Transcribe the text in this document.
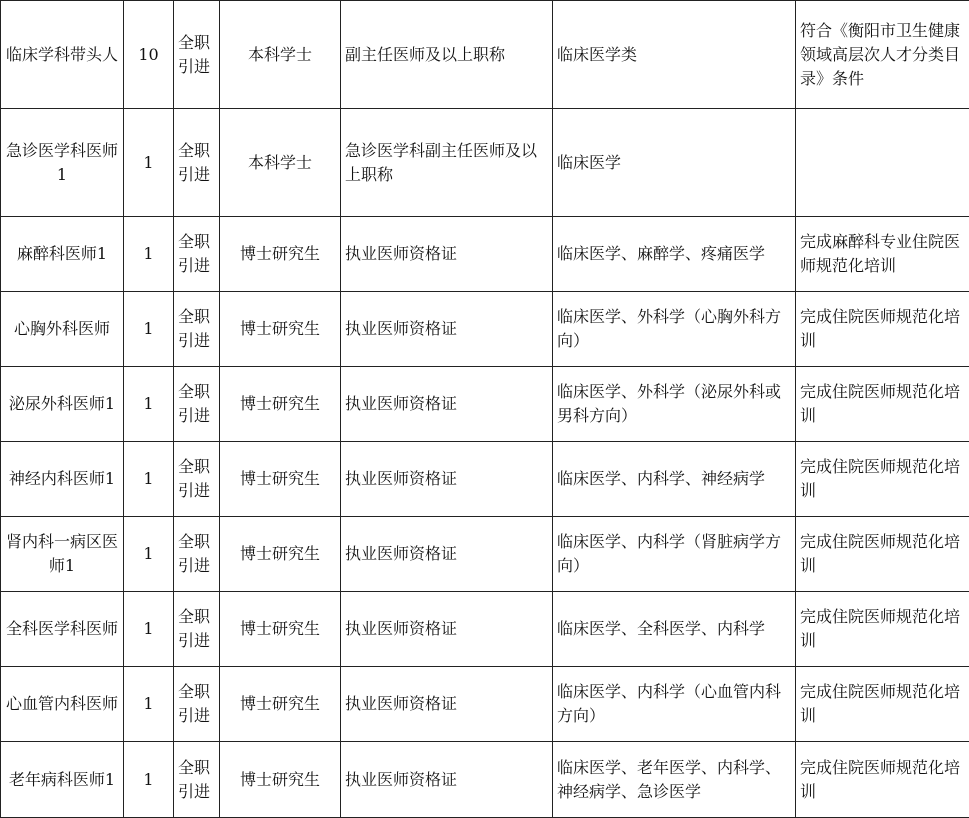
临床学科带头人	10	全职引进	本科学士	副主任医师及以上职称	临床医学类	符合《衡阳市卫生健康领域高层次人才分类目录》条件
急诊医学科医师1	1	全职引进	本科学士	急诊医学科副主任医师及以上职称	临床医学	
麻醉科医师1	1	全职引进	博士研究生	执业医师资格证	临床医学、麻醉学、疼痛医学	完成麻醉科专业住院医师规范化培训
心胸外科医师	1	全职引进	博士研究生	执业医师资格证	临床医学、外科学（心胸外科方向）	完成住院医师规范化培训
泌尿外科医师1	1	全职引进	博士研究生	执业医师资格证	临床医学、外科学（泌尿外科或男科方向）	完成住院医师规范化培训
神经内科医师1	1	全职引进	博士研究生	执业医师资格证	临床医学、内科学、神经病学	完成住院医师规范化培训
肾内科一病区医师1	1	全职引进	博士研究生	执业医师资格证	临床医学、内科学（肾脏病学方向）	完成住院医师规范化培训
全科医学科医师	1	全职引进	博士研究生	执业医师资格证	临床医学、全科医学、内科学	完成住院医师规范化培训
心血管内科医师	1	全职引进	博士研究生	执业医师资格证	临床医学、内科学（心血管内科方向）	完成住院医师规范化培训
老年病科医师1	1	全职引进	博士研究生	执业医师资格证	临床医学、老年医学、内科学、神经病学、急诊医学	完成住院医师规范化培训
